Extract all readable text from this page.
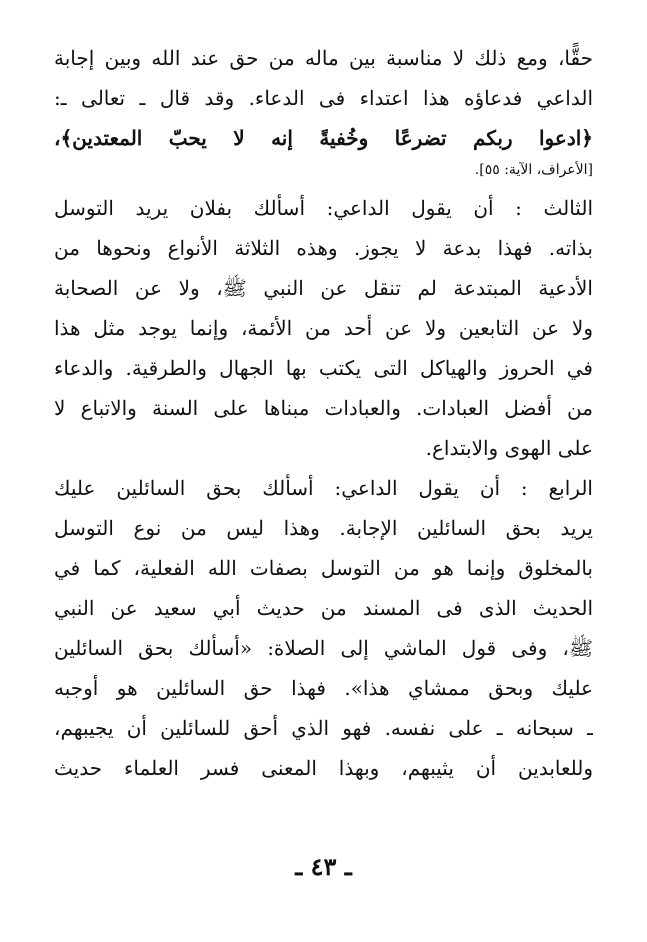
حقًّا، ومع ذلك لا مناسبة بين ماله من حق عند الله وبين إجابة
الداعي فدعاؤه هذا اعتداء فى الدعاء. وقد قال ـ تعالى ـ:
﴿ادعوا ربكم تضرعًا وخُفيةً إنه لا يحبّ المعتدين﴾،
[الأعراف، الآية: ٥٥].
الثالث : أن يقول الداعي: أسألك بفلان يريد التوسل
بذاته. فهذا بدعة لا يجوز. وهذه الثلاثة الأنواع ونحوها من
الأدعية المبتدعة لم تنقل عن النبي ﷺ، ولا عن الصحابة
ولا عن التابعين ولا عن أحد من الأئمة، وإنما يوجد مثل هذا
في الحروز والهياكل التى يكتب بها الجهال والطرقية. والدعاء
من أفضل العبادات. والعبادات مبناها على السنة والاتباع لا
على الهوى والابتداع.
الرابع : أن يقول الداعي: أسألك بحق السائلين عليك
يريد بحق السائلين الإجابة. وهذا ليس من نوع التوسل
بالمخلوق وإنما هو من التوسل بصفات الله الفعلية، كما في
الحديث الذى فى المسند من حديث أبي سعيد عن النبي
ﷺ، وفى قول الماشي إلى الصلاة: «أسألك بحق السائلين
عليك وبحق ممشاي هذا». فهذا حق السائلين هو أوجبه
ـ سبحانه ـ على نفسه. فهو الذي أحق للسائلين أن يجيبهم،
وللعابدين أن يثيبهم، وبهذا المعنى فسر العلماء حديث
ـ ٤٣ ـ
